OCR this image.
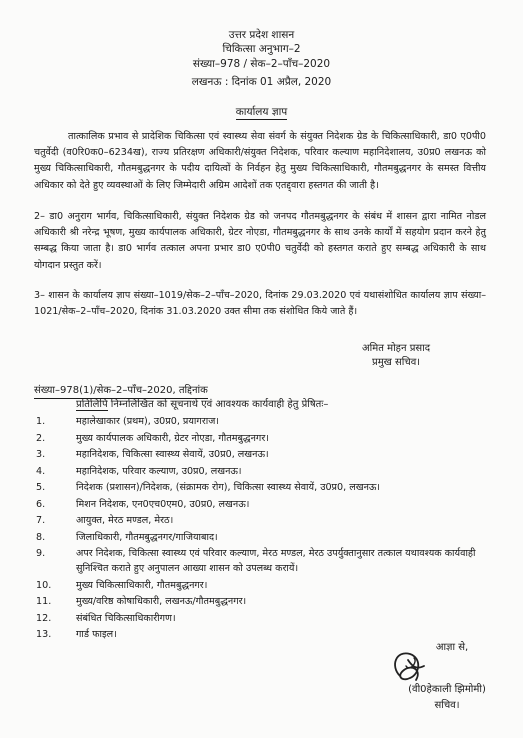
उत्तर प्रदेश शासन
चिकित्सा अनुभाग–2
संख्या–978 / सेक–2–पाँच–2020
लखनऊ : दिनांक 01 अप्रैल, 2020
कार्यालय ज्ञाप
तात्कालिक प्रभाव से प्रादेशिक चिकित्सा एवं स्वास्थ्य सेवा संवर्ग के संयुक्त निदेशक ग्रेड के चिकित्साधिकारी, डा0 ए0पी0 चतुर्वेदी (व0रि0क0–6234ख), राज्य प्रतिरक्षण अधिकारी/संयुक्त निदेशक, परिवार कल्याण महानिदेशालय, उ0प्र0 लखनऊ को मुख्य चिकित्साधिकारी, गौतमबुद्धनगर के पदीय दायित्वों के निर्वहन हेतु मुख्य चिकित्साधिकारी, गौतमबुद्धनगर के समस्त वित्तीय अधिकार को देते हुए व्यवस्थाओं के लिए जिम्मेदारी अग्रिम आदेशों तक एतद्द्वारा हस्तगत की जाती है।
2– डा0 अनुराग भार्गव, चिकित्साधिकारी, संयुक्त निदेशक ग्रेड को जनपद गौतमबुद्धनगर के संबंध में शासन द्वारा नामित नोडल अधिकारी श्री नरेन्द्र भूषण, मुख्य कार्यपालक अधिकारी, ग्रेटर नोएडा, गौतमबुद्धनगर के साथ उनके कार्यों में सहयोग प्रदान करने हेतु सम्बद्ध किया जाता है। डा0 भार्गव तत्काल अपना प्रभार डा0 ए0पी0 चतुर्वेदी को हस्तगत कराते हुए सम्बद्ध अधिकारी के साथ योगदान प्रस्तुत करें।
3– शासन के कार्यालय ज्ञाप संख्या–1019/सेक–2–पाँच–2020, दिनांक 29.03.2020 एवं यथासंशोधित कार्यालय ज्ञाप संख्या–1021/सेक–2–पाँच–2020, दिनांक 31.03.2020 उक्त सीमा तक संशोधित किये जाते हैं।
अमित मोहन प्रसाद
प्रमुख सचिव।
संख्या–978(1)/सेक–2–पाँच–2020, तद्दिनांक
प्रतिलिपि निम्नलिखित को सूचनार्थ एवं आवश्यक कार्यवाही हेतु प्रेषितः–
1.	महालेखाकार (प्रथम), उ0प्र0, प्रयागराज।
2.	मुख्य कार्यपालक अधिकारी, ग्रेटर नोएडा, गौतमबुद्धनगर।
3.	महानिदेशक, चिकित्सा स्वास्थ्य सेवायें, उ0प्र0, लखनऊ।
4.	महानिदेशक, परिवार कल्याण, उ0प्र0, लखनऊ।
5.	निदेशक (प्रशासन)/निदेशक, (संक्रामक रोग), चिकित्सा स्वास्थ्य सेवायें, उ0प्र0, लखनऊ।
6.	मिशन निदेशक, एन0एच0एम0, उ0प्र0, लखनऊ।
7.	आयुक्त, मेरठ मण्डल, मेरठ।
8.	जिलाधिकारी, गौतमबुद्धनगर/गाजियाबाद।
9.	अपर निदेशक, चिकित्सा स्वास्थ्य एवं परिवार कल्याण, मेरठ मण्डल, मेरठ उपर्युक्तानुसार तत्काल यथावश्यक कार्यवाही सुनिश्चित कराते हुए अनुपालन आख्या शासन को उपलब्ध करायें।
10.	मुख्य चिकित्साधिकारी, गौतमबुद्धनगर।
11.	मुख्य/वरिष्ठ कोषाधिकारी, लखनऊ/गौतमबुद्धनगर।
12.	संबंधित चिकित्साधिकारीगण।
13.	गार्ड फाइल।
आज्ञा से,
(वी0हेकाली झिमोमी)
सचिव।
